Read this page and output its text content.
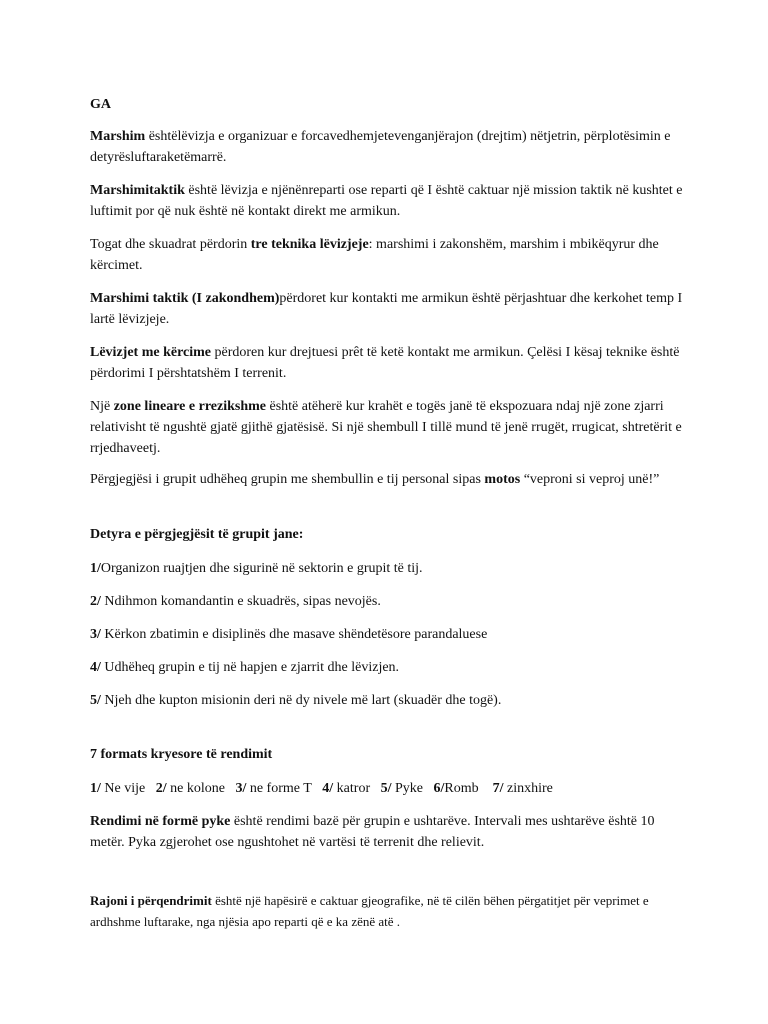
GA

Marshim ështëlëvizja e organizuar e forcavedhemjetevenganjërajon (drejtim) nëtjetrin, përplotësimin e detyrësluftaraketëmarrë.

Marshimitaktik është lëvizja e njënënreparti ose reparti që I është caktuar një mission taktik në kushtet e luftimit por që nuk është në kontakt direkt me armikun.

Togat dhe skuadrat përdorin tre teknika lëvizjeje: marshimi i zakonshëm, marshim i mbikëqyrur dhe kërcimet.

Marshimi taktik (I zakondhem)përdoret kur kontakti me armikun është përjashtuar dhe kerkohet temp I lartë lëvizjeje.

Lëvizjet me kërcime përdoren kur drejtuesi prêt të ketë kontakt me armikun. Çelësi I kësaj teknike është përdorimi I përshtatshëm I terrenit.

Një zone lineare e rrezikshme është atëherë kur krahët e togës janë të ekspozuara ndaj një zone zjarri relativisht të ngushtë gjatë gjithë gjatësisë. Si një shembull I tillë mund të jenë rrugët, rrugicat, shtretërit e rrjedhaveetj.

Përgjegjësi i grupit udhëheq grupin me shembullin e tij personal sipas motos “veproni si veproj unë!”

Detyra e përgjegjësit të grupit jane:

1/Organizon ruajtjen dhe sigurinë në sektorin e grupit të tij.

2/ Ndihmon komandantin e skuadrës, sipas nevojës.

3/ Kërkon zbatimin e disiplinës dhe masave shëndetësore parandaluese

4/ Udhëheq grupin e tij në hapjen e zjarrit dhe lëvizjen.

5/ Njeh dhe kupton misionin deri në dy nivele më lart (skuadër dhe togë).

7 formats kryesore të rendimit

1/ Ne vije 2/ ne kolone 3/ ne forme T 4/ katror 5/ Pyke 6/Romb 7/ zinxhire

Rendimi në formë pyke është rendimi bazë për grupin e ushtarëve. Intervali mes ushtarëve është 10 metër. Pyka zgjerohet ose ngushtohet në vartësi të terrenit dhe relievit.

Rajoni i përqendrimit është një hapësirë e caktuar gjeografike, në të cilën bëhen përgatitjet për veprimet e ardhshme luftarake, nga njësia apo reparti që e ka zënë atë .
